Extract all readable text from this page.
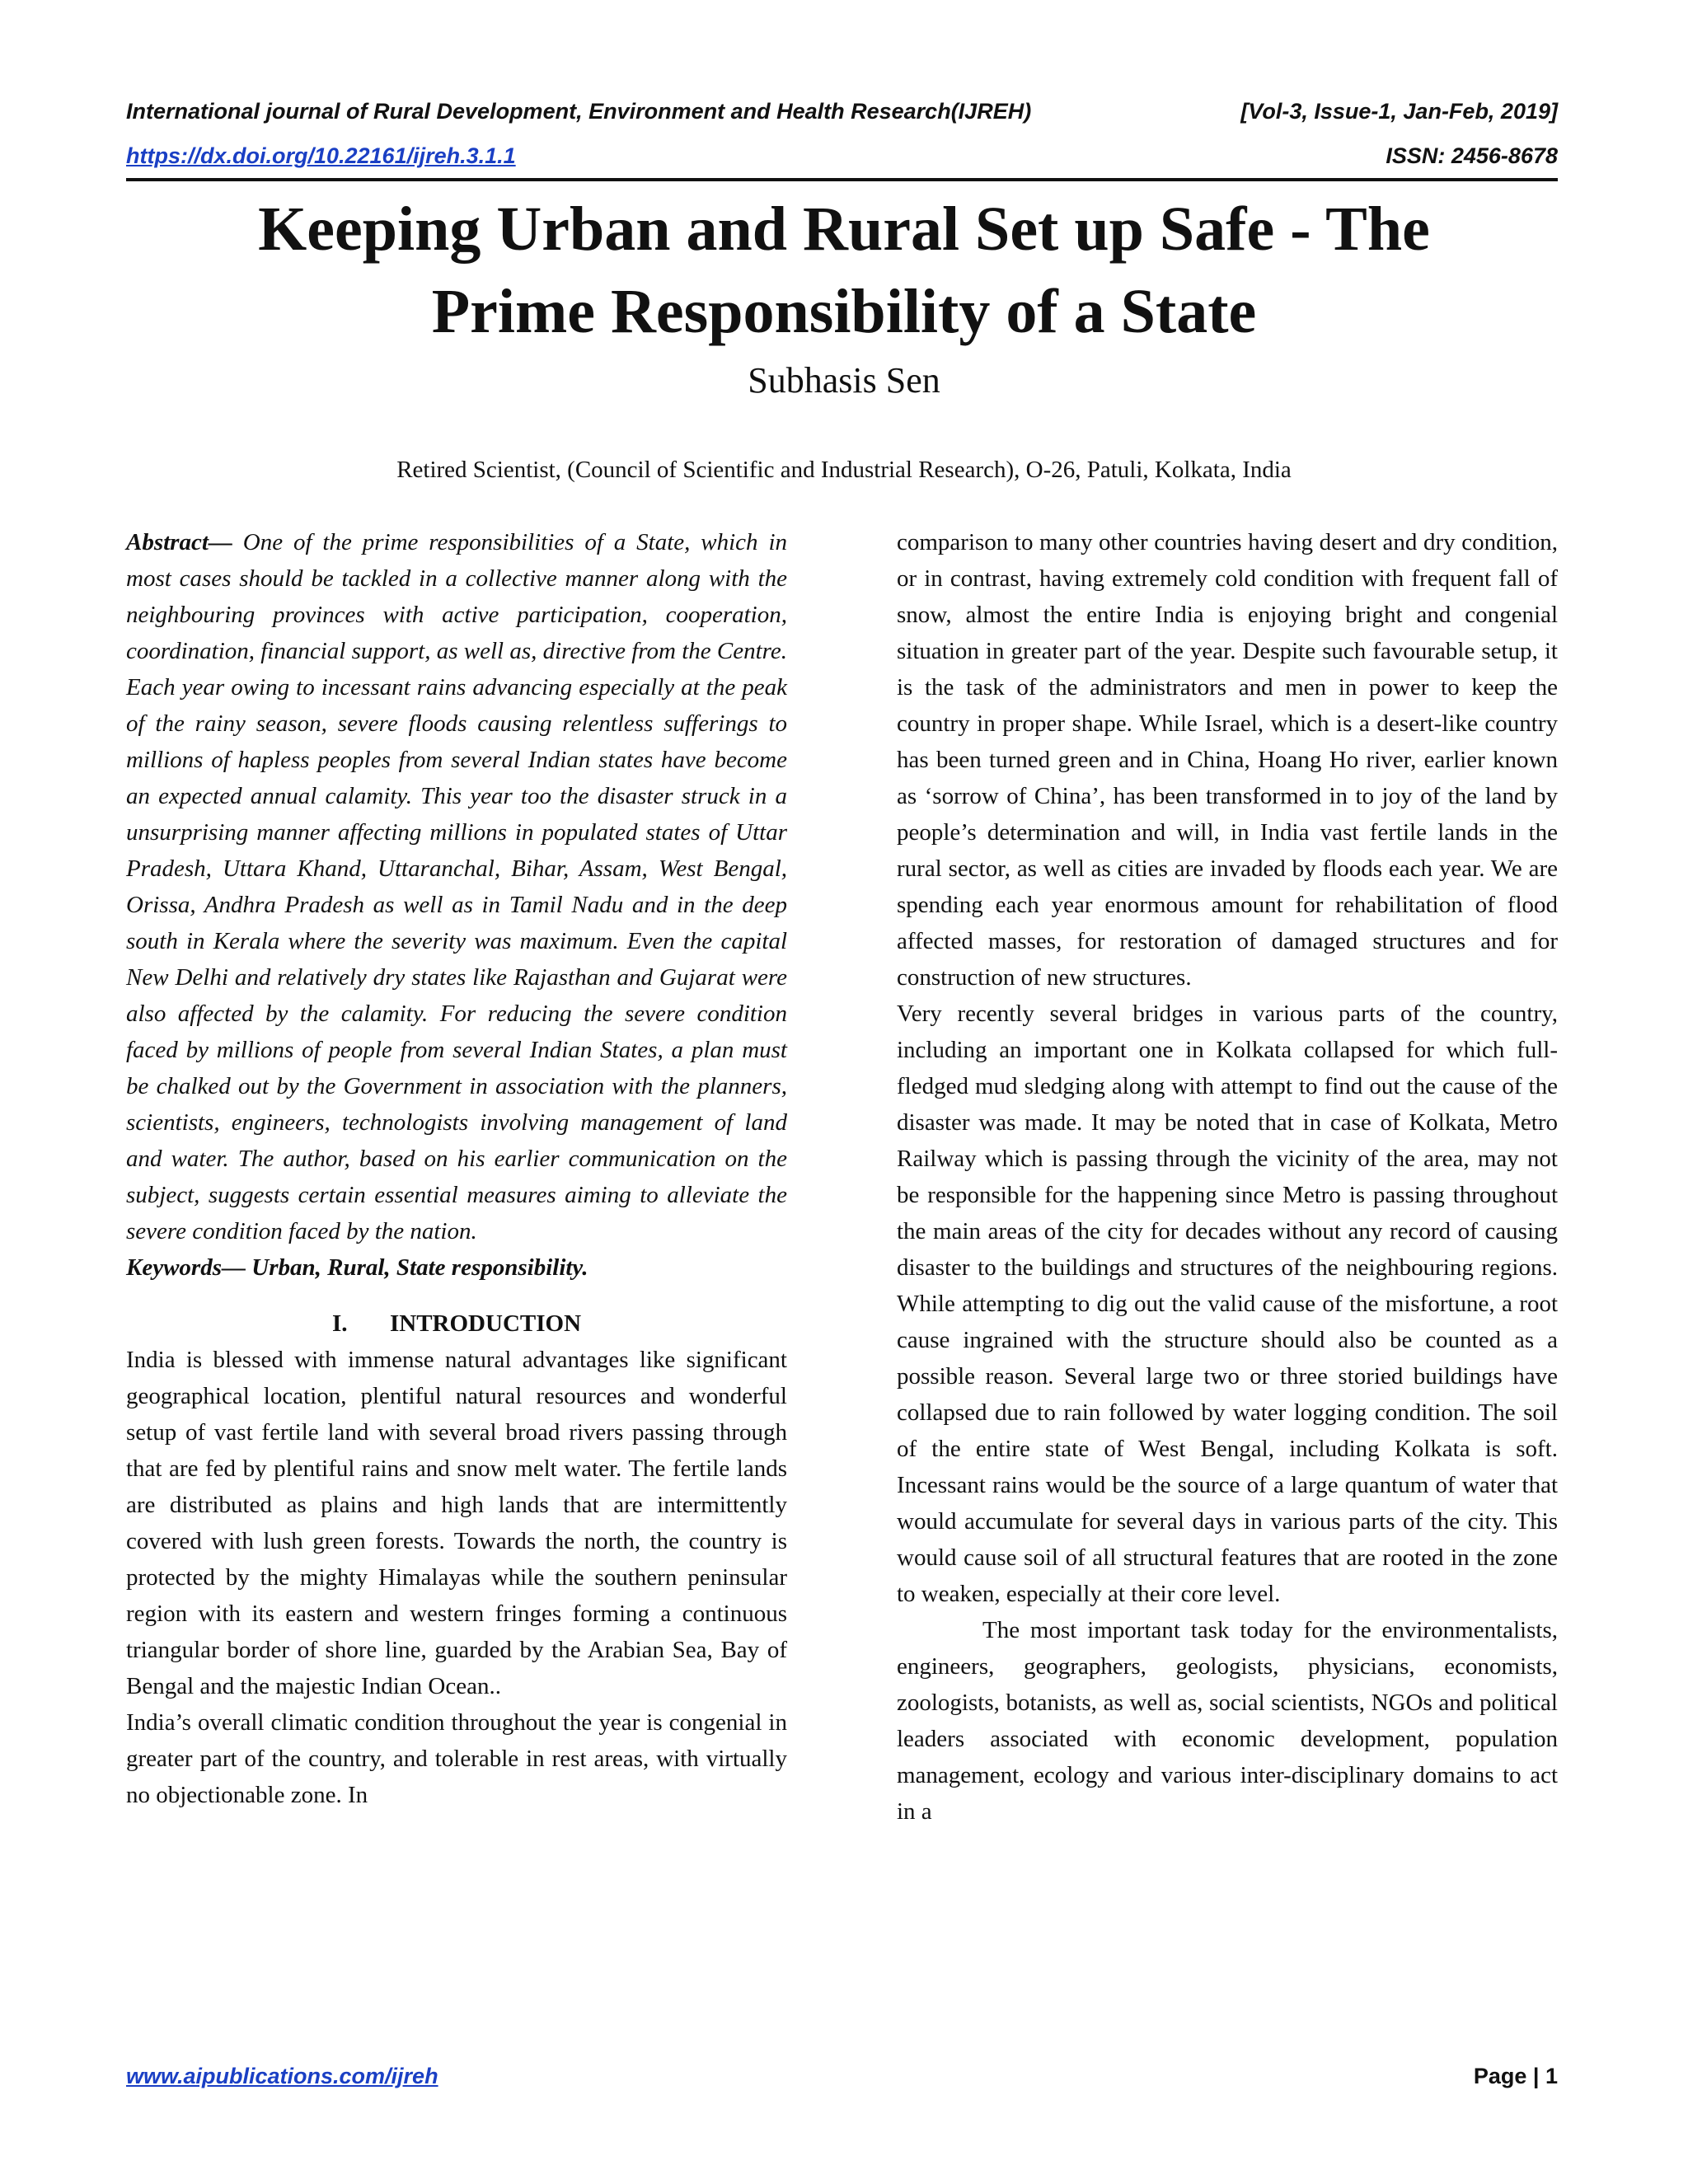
International journal of Rural Development, Environment and Health Research(IJREH)	[Vol-3, Issue-1, Jan-Feb, 2019]
https://dx.doi.org/10.22161/ijreh.3.1.1	ISSN: 2456-8678
Keeping Urban and Rural Set up Safe - The
Prime Responsibility of a State
Subhasis Sen
Retired Scientist, (Council of Scientific and Industrial Research), O-26, Patuli, Kolkata, India

Abstract— One of the prime responsibilities of a State, which in most cases should be tackled in a collective manner along with the neighbouring provinces with active participation, cooperation, coordination, financial support, as well as, directive from the Centre. Each year owing to incessant rains advancing especially at the peak of the rainy season, severe floods causing relentless sufferings to millions of hapless peoples from several Indian states have become an expected annual calamity. This year too the disaster struck in a unsurprising manner affecting millions in populated states of Uttar Pradesh, Uttara Khand, Uttaranchal, Bihar, Assam, West Bengal, Orissa, Andhra Pradesh as well as in Tamil Nadu and in the deep south in Kerala where the severity was maximum. Even the capital New Delhi and relatively dry states like Rajasthan and Gujarat were also affected by the calamity. For reducing the severe condition faced by millions of people from several Indian States, a plan must be chalked out by the Government in association with the planners, scientists, engineers, technologists involving management of land and water. The author, based on his earlier communication on the subject, suggests certain essential measures aiming to alleviate the severe condition faced by the nation.

Keywords— Urban, Rural, State responsibility.

I. INTRODUCTION

India is blessed with immense natural advantages like significant geographical location, plentiful natural resources and wonderful setup of vast fertile land with several broad rivers passing through that are fed by plentiful rains and snow melt water. The fertile lands are distributed as plains and high lands that are intermittently covered with lush green forests. Towards the north, the country is protected by the mighty Himalayas while the southern peninsular region with its eastern and western fringes forming a continuous triangular border of shore line, guarded by the Arabian Sea, Bay of Bengal and the majestic Indian Ocean..

India’s overall climatic condition throughout the year is congenial in greater part of the country, and tolerable in rest areas, with virtually no objectionable zone. In

comparison to many other countries having desert and dry condition, or in contrast, having extremely cold condition with frequent fall of snow, almost the entire India is enjoying bright and congenial situation in greater part of the year. Despite such favourable setup, it is the task of the administrators and men in power to keep the country in proper shape. While Israel, which is a desert-like country has been turned green and in China, Hoang Ho river, earlier known as ‘sorrow of China’, has been transformed in to joy of the land by people’s determination and will, in India vast fertile lands in the rural sector, as well as cities are invaded by floods each year. We are spending each year enormous amount for rehabilitation of flood affected masses, for restoration of damaged structures and for construction of new structures.

Very recently several bridges in various parts of the country, including an important one in Kolkata collapsed for which full-fledged mud sledging along with attempt to find out the cause of the disaster was made. It may be noted that in case of Kolkata, Metro Railway which is passing through the vicinity of the area, may not be responsible for the happening since Metro is passing throughout the main areas of the city for decades without any record of causing disaster to the buildings and structures of the neighbouring regions. While attempting to dig out the valid cause of the misfortune, a root cause ingrained with the structure should also be counted as a possible reason. Several large two or three storied buildings have collapsed due to rain followed by water logging condition. The soil of the entire state of West Bengal, including Kolkata is soft. Incessant rains would be the source of a large quantum of water that would accumulate for several days in various parts of the city. This would cause soil of all structural features that are rooted in the zone to weaken, especially at their core level.

The most important task today for the environmentalists, engineers, geographers, geologists, physicians, economists, zoologists, botanists, as well as, social scientists, NGOs and political leaders associated with economic development, population management, ecology and various inter-disciplinary domains to act in a

www.aipublications.com/ijreh	Page | 1
